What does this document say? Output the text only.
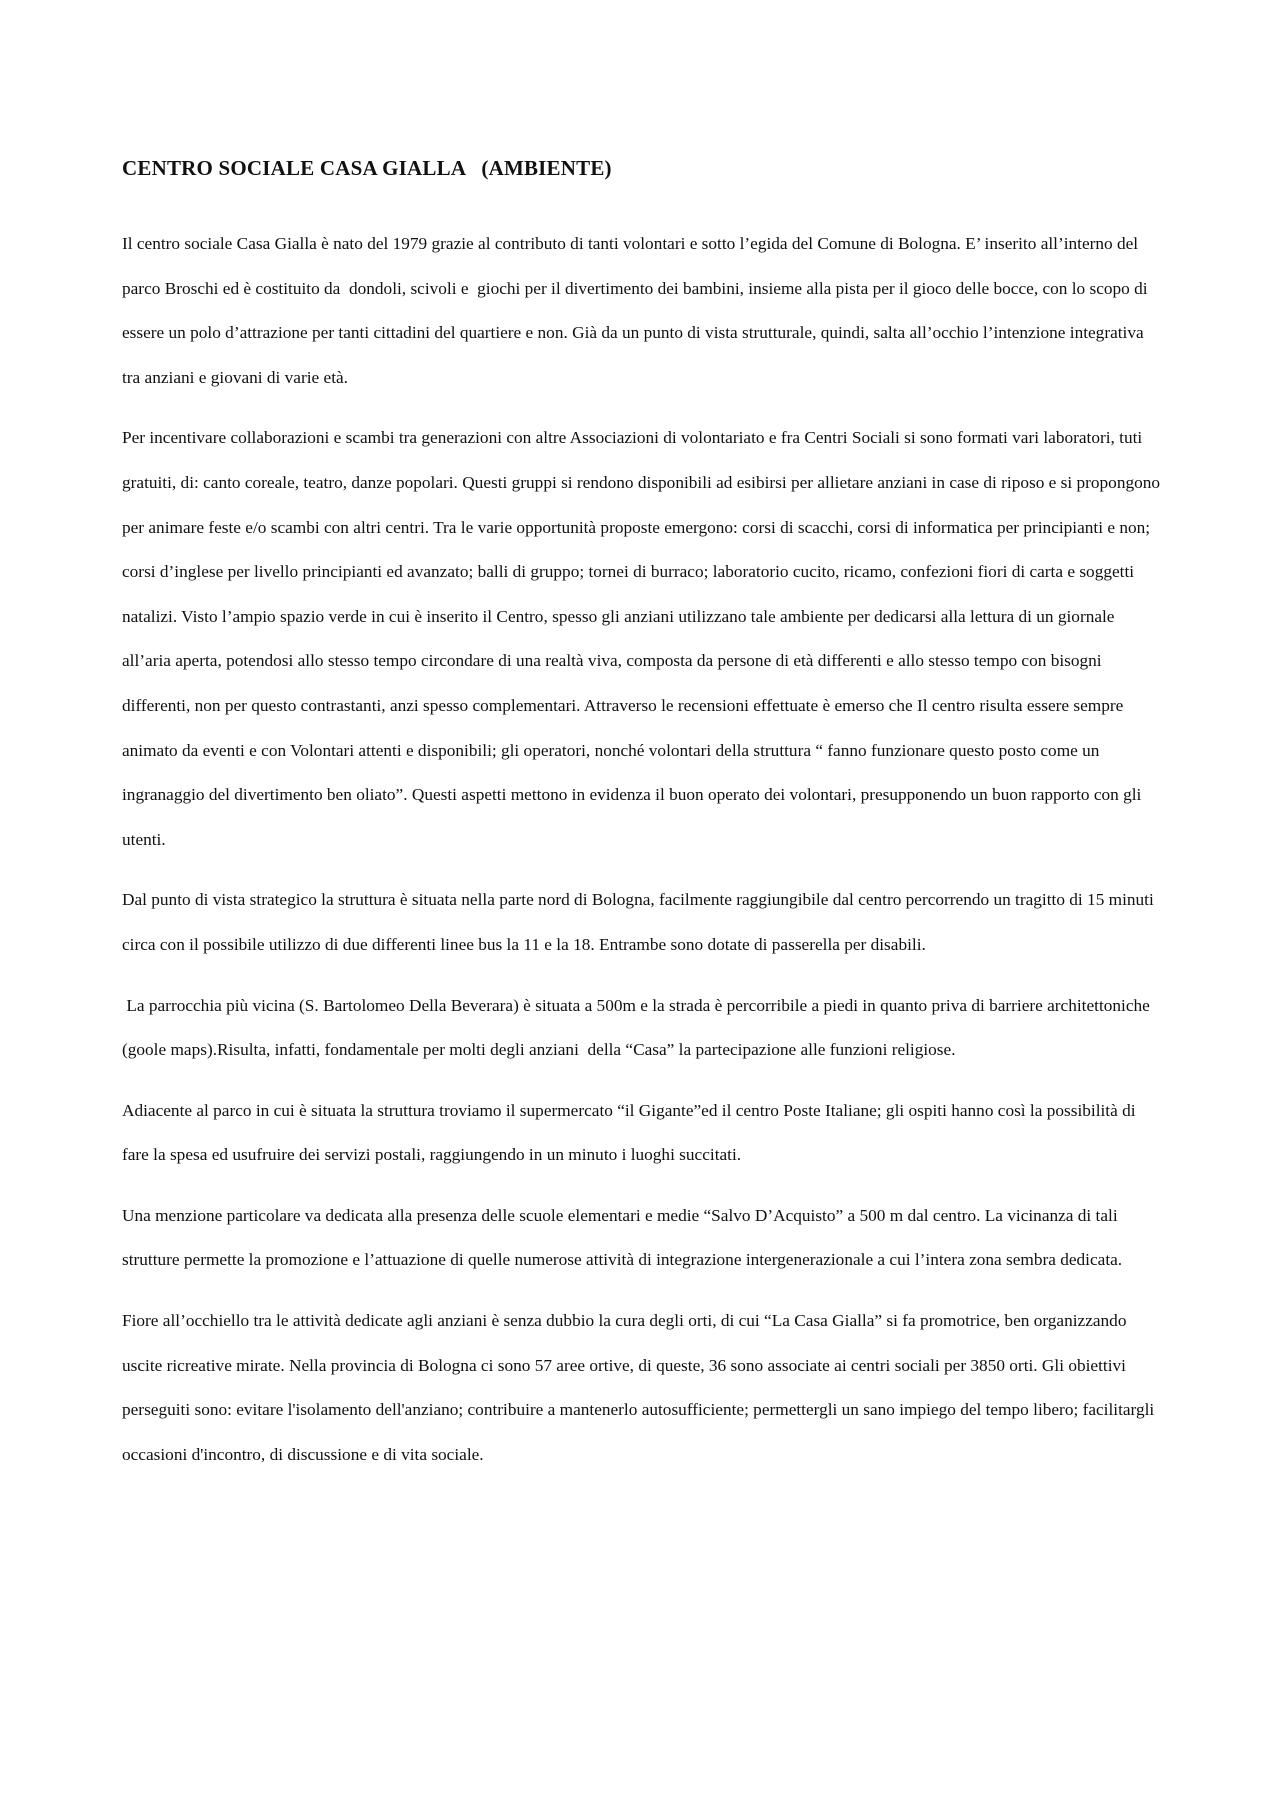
CENTRO SOCIALE CASA GIALLA   (AMBIENTE)

Il centro sociale Casa Gialla è nato del 1979 grazie al contributo di tanti volontari e sotto l’egida del Comune di Bologna. E’ inserito all’interno del parco Broschi ed è costituito da  dondoli, scivoli e  giochi per il divertimento dei bambini, insieme alla pista per il gioco delle bocce, con lo scopo di essere un polo d’attrazione per tanti cittadini del quartiere e non. Già da un punto di vista strutturale, quindi, salta all’occhio l’intenzione integrativa tra anziani e giovani di varie età.

Per incentivare collaborazioni e scambi tra generazioni con altre Associazioni di volontariato e fra Centri Sociali si sono formati vari laboratori, tuti gratuiti, di: canto coreale, teatro, danze popolari. Questi gruppi si rendono disponibili ad esibirsi per allietare anziani in case di riposo e si propongono per animare feste e/o scambi con altri centri. Tra le varie opportunità proposte emergono: corsi di scacchi, corsi di informatica per principianti e non; corsi d’inglese per livello principianti ed avanzato; balli di gruppo; tornei di burraco; laboratorio cucito, ricamo, confezioni fiori di carta e soggetti natalizi. Visto l’ampio spazio verde in cui è inserito il Centro, spesso gli anziani utilizzano tale ambiente per dedicarsi alla lettura di un giornale all’aria aperta, potendosi allo stesso tempo circondare di una realtà viva, composta da persone di età differenti e allo stesso tempo con bisogni differenti, non per questo contrastanti, anzi spesso complementari. Attraverso le recensioni effettuate è emerso che Il centro risulta essere sempre animato da eventi e con Volontari attenti e disponibili; gli operatori, nonché volontari della struttura “ fanno funzionare questo posto come un ingranaggio del divertimento ben oliato”. Questi aspetti mettono in evidenza il buon operato dei volontari, presupponendo un buon rapporto con gli utenti.

Dal punto di vista strategico la struttura è situata nella parte nord di Bologna, facilmente raggiungibile dal centro percorrendo un tragitto di 15 minuti circa con il possibile utilizzo di due differenti linee bus la 11 e la 18. Entrambe sono dotate di passerella per disabili.

La parrocchia più vicina (S. Bartolomeo Della Beverara) è situata a 500m e la strada è percorribile a piedi in quanto priva di barriere architettoniche (goole maps).Risulta, infatti, fondamentale per molti degli anziani  della “Casa” la partecipazione alle funzioni religiose.

Adiacente al parco in cui è situata la struttura troviamo il supermercato “il Gigante”ed il centro Poste Italiane; gli ospiti hanno così la possibilità di fare la spesa ed usufruire dei servizi postali, raggiungendo in un minuto i luoghi succitati.

Una menzione particolare va dedicata alla presenza delle scuole elementari e medie “Salvo D’Acquisto” a 500 m dal centro. La vicinanza di tali strutture permette la promozione e l’attuazione di quelle numerose attività di integrazione intergenerazionale a cui l’intera zona sembra dedicata.

Fiore all’occhiello tra le attività dedicate agli anziani è senza dubbio la cura degli orti, di cui “La Casa Gialla” si fa promotrice, ben organizzando uscite ricreative mirate. Nella provincia di Bologna ci sono 57 aree ortive, di queste, 36 sono associate ai centri sociali per 3850 orti. Gli obiettivi perseguiti sono: evitare l'isolamento dell'anziano; contribuire a mantenerlo autosufficiente; permettergli un sano impiego del tempo libero; facilitargli occasioni d'incontro, di discussione e di vita sociale.
